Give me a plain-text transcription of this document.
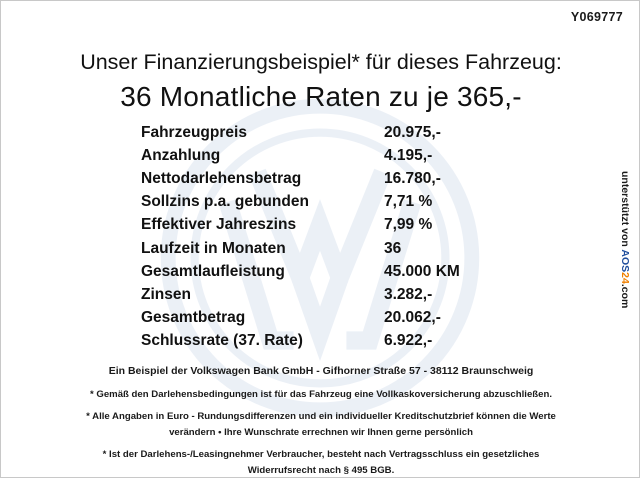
Y069777
Unser Finanzierungsbeispiel* für dieses Fahrzeug:
36 Monatliche Raten zu je 365,-
Fahrzeugpreis	20.975,-
Anzahlung	4.195,-
Nettodarlehensbetrag	16.780,-
Sollzins p.a. gebunden	7,71 %
Effektiver Jahreszins	7,99 %
Laufzeit in Monaten	36
Gesamtlaufleistung	45.000 KM
Zinsen	3.282,-
Gesamtbetrag	20.062,-
Schlussrate (37. Rate)	6.922,-
Ein Beispiel der Volkswagen Bank GmbH - Gifhorner Straße 57 - 38112 Braunschweig

* Gemäß den Darlehensbedingungen ist für das Fahrzeug eine Vollkaskoversicherung abzuschließen.

* Alle Angaben in Euro - Rundungsdifferenzen und ein individueller Kreditschutzbrief können die Werte

verändern • Ihre Wunschrate errechnen wir Ihnen gerne persönlich

* Ist der Darlehens-/Leasingnehmer Verbraucher, besteht nach Vertragsschluss ein gesetzliches

Widerrufsrecht nach § 495 BGB.

unterstützt von AOS24.com
